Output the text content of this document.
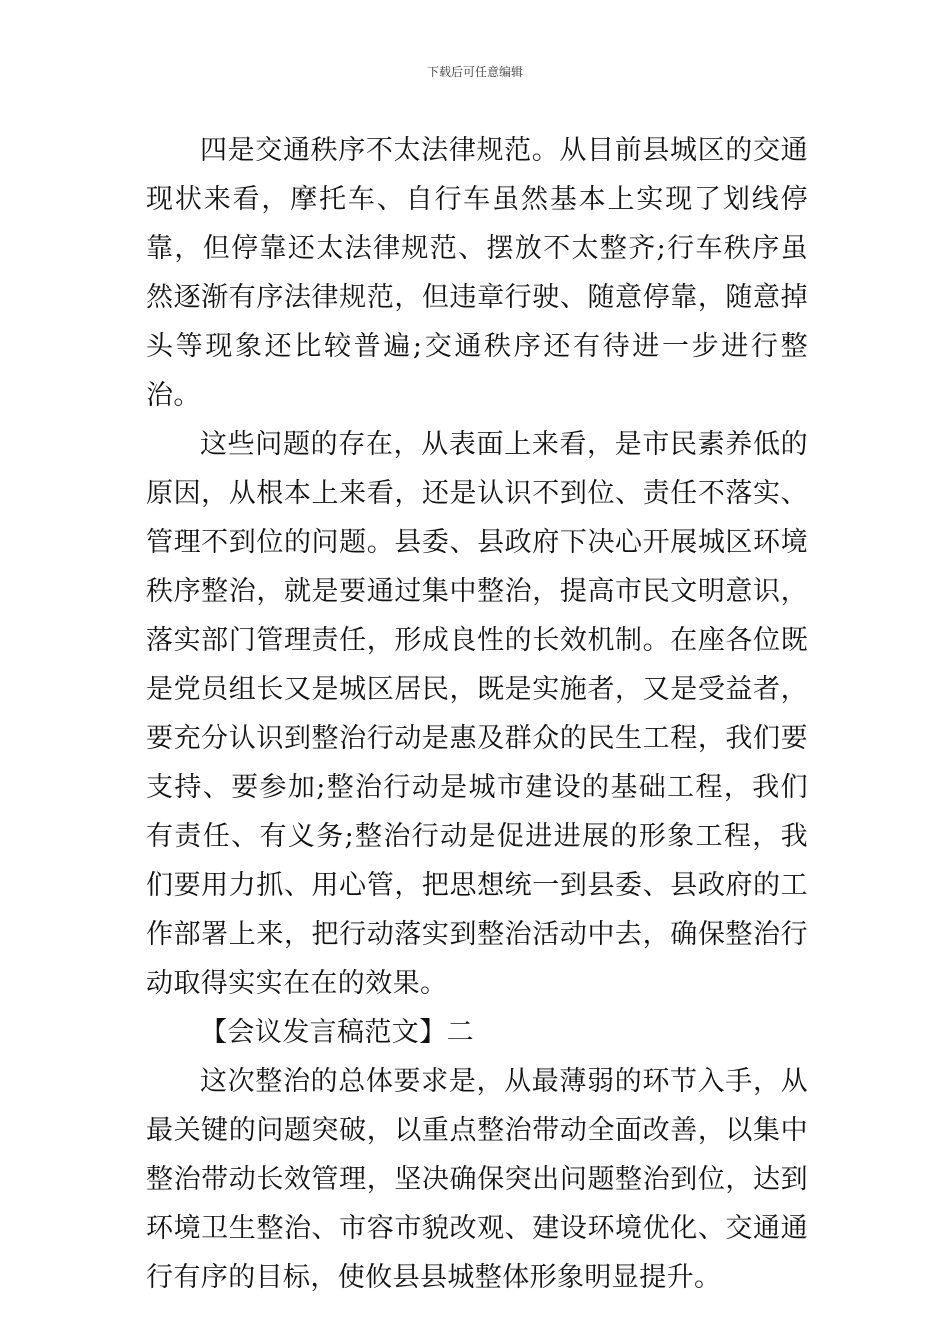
下载后可任意编辑

四是交通秩序不太法律规范。从目前县城区的交通现状来看，摩托车、自行车虽然基本上实现了划线停靠，但停靠还太法律规范、摆放不太整齐;行车秩序虽然逐渐有序法律规范，但违章行驶、随意停靠，随意掉头等现象还比较普遍;交通秩序还有待进一步进行整治。

这些问题的存在，从表面上来看，是市民素养低的原因，从根本上来看，还是认识不到位、责任不落实、管理不到位的问题。县委、县政府下决心开展城区环境秩序整治，就是要通过集中整治，提高市民文明意识，落实部门管理责任，形成良性的长效机制。在座各位既是党员组长又是城区居民，既是实施者，又是受益者，要充分认识到整治行动是惠及群众的民生工程，我们要支持、要参加;整治行动是城市建设的基础工程，我们有责任、有义务;整治行动是促进进展的形象工程，我们要用力抓、用心管，把思想统一到县委、县政府的工作部署上来，把行动落实到整治活动中去，确保整治行动取得实实在在的效果。

【会议发言稿范文】二

这次整治的总体要求是，从最薄弱的环节入手，从最关键的问题突破，以重点整治带动全面改善，以集中整治带动长效管理，坚决确保突出问题整治到位，达到环境卫生整治、市容市貌改观、建设环境优化、交通通行有序的目标，使攸县县城整体形象明显提升。
